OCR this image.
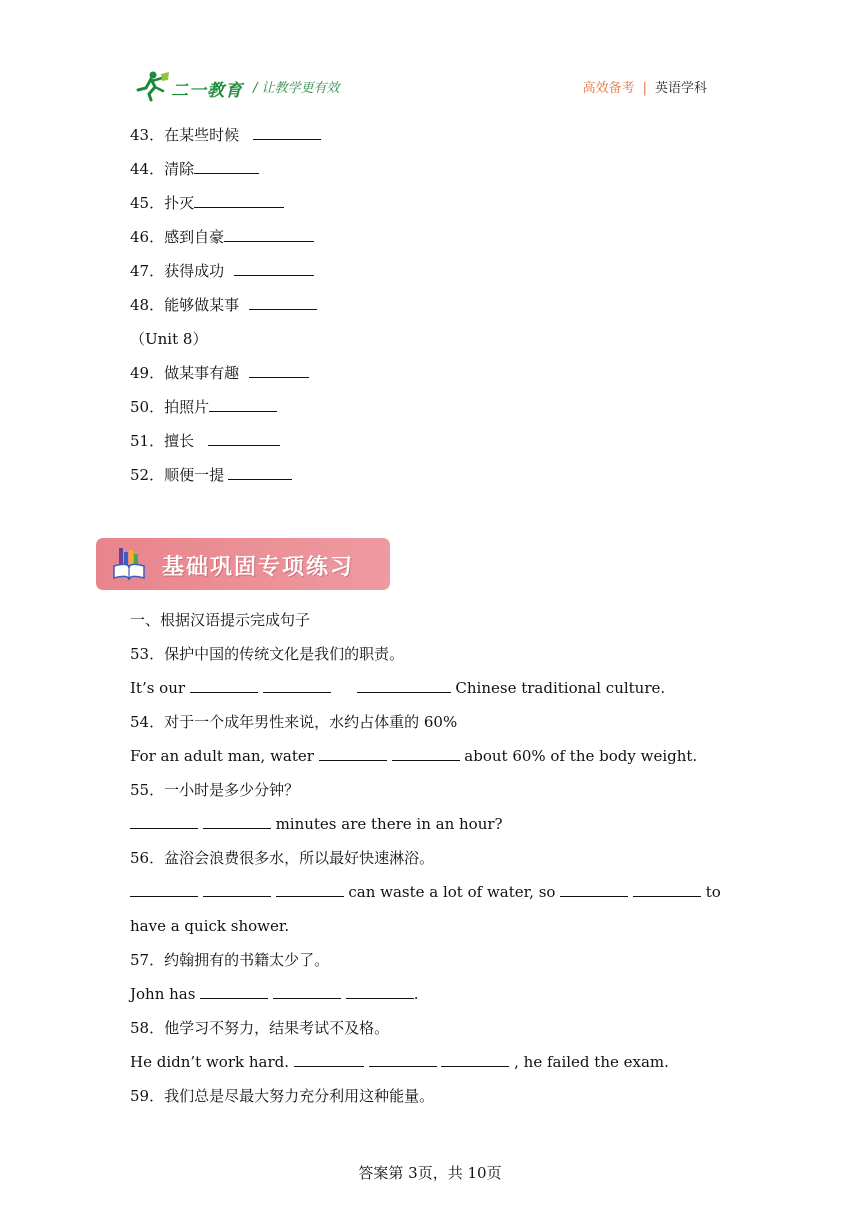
二一教育 / 让教学更有效	高效备考 | 英语学科
43．在某些时候
44．清除
45．扑灭
46．感到自豪
47．获得成功
48．能够做某事
（Unit 8）
49．做某事有趣
50．拍照片
51．擅长
52．顺便一提
基础巩固专项练习
一、根据汉语提示完成句子
53．保护中国的传统文化是我们的职责。
It’s our	Chinese traditional culture.
54．对于一个成年男性来说，水约占体重的 60%
For an adult man, water	about 60% of the body weight.
55．一小时是多少分钟？
minutes are there in an hour?
56．盆浴会浪费很多水，所以最好快速淋浴。
can waste a lot of water, so	to
have a quick shower.
57．约翰拥有的书籍太少了。
John has	.
58．他学习不努力，结果考试不及格。
He didn’t work hard.	, he failed the exam.
59．我们总是尽最大努力充分利用这种能量。
答案第 3页，共 10页
